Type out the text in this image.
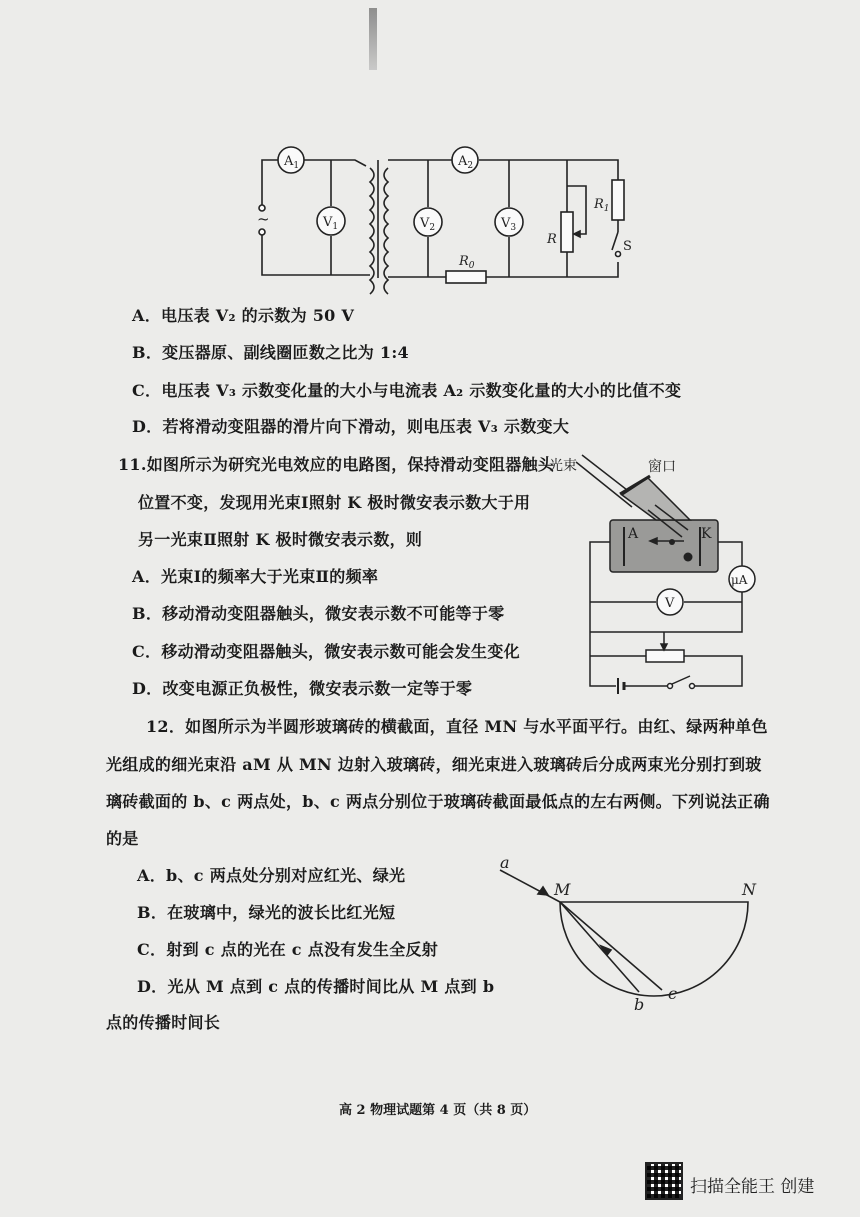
$A_1$
$V_1$
$A_2$
$V_2$	$V_3$
$R_0$
$R_1$
R	S
~
A．电压表 V₂ 的示数为 50 V
B．变压器原、副线圈匝数之比为 1:4
C．电压表 V₃ 示数变化量的大小与电流表 A₂ 示数变化量的大小的比值不变
D．若将滑动变阻器的滑片向下滑动，则电压表 V₃ 示数变大
11.如图所示为研究光电效应的电路图，保持滑动变阻器触头
位置不变，发现用光束Ⅰ照射 K 极时微安表示数大于用
另一光束Ⅱ照射 K 极时微安表示数，则
A．光束Ⅰ的频率大于光束Ⅱ的频率
B．移动滑动变阻器触头，微安表示数不可能等于零
C．移动滑动变阻器触头，微安表示数可能会发生变化
D．改变电源正负极性，微安表示数一定等于零
光束	窗口
A	K
μA
V
12．如图所示为半圆形玻璃砖的横截面，直径 MN 与水平面平行。由红、绿两种单色
光组成的细光束沿 aM 从 MN 边射入玻璃砖，细光束进入玻璃砖后分成两束光分别打到玻
璃砖截面的 b、c 两点处，b、c 两点分别位于玻璃砖截面最低点的左右两侧。下列说法正确
的是
A．b、c 两点处分别对应红光、绿光
B．在玻璃中，绿光的波长比红光短
C．射到 c 点的光在 c 点没有发生全反射
D．光从 M 点到 c 点的传播时间比从 M 点到 b
点的传播时间长
a
M	N
b
c
高 2 物理试题第 4 页（共 8 页）
扫描全能王 创建
